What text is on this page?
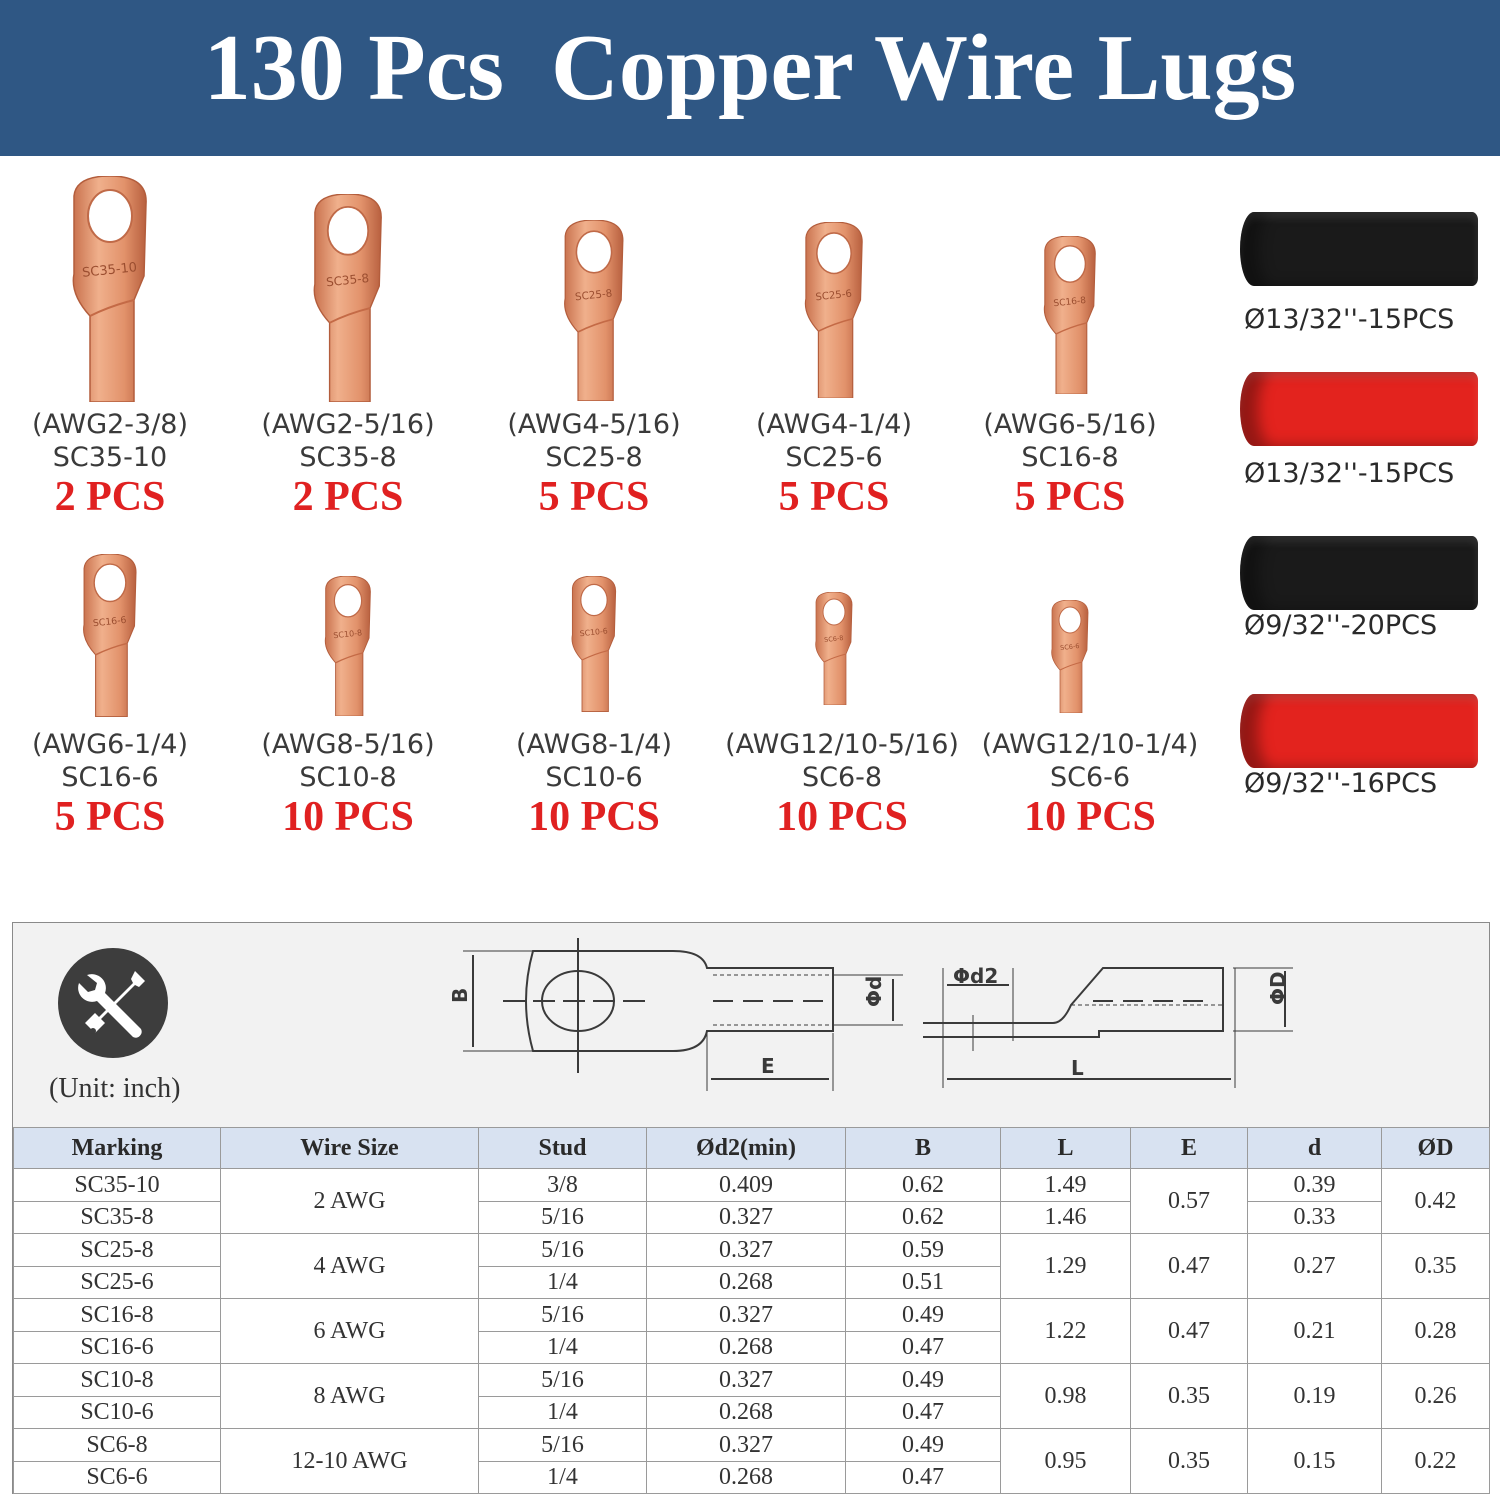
130 Pcs  Copper Wire Lugs
SC35-10
(AWG2-3/8)
SC35-10
2 PCS
SC35-8
(AWG2-5/16)
SC35-8
2 PCS
SC25-8
(AWG4-5/16)
SC25-8
5 PCS
SC25-6
(AWG4-1/4)
SC25-6
5 PCS
SC16-8
(AWG6-5/16)
SC16-8
5 PCS
SC16-6
(AWG6-1/4)
SC16-6
5 PCS
SC10-8
(AWG8-5/16)
SC10-8
10 PCS
SC10-6
(AWG8-1/4)
SC10-6
10 PCS
SC6-8
(AWG12/10-5/16)
SC6-8
10 PCS
SC6-6
(AWG12/10-1/4)
SC6-6
10 PCS
Ø13/32''-15PCS
Ø13/32''-15PCS
Ø9/32''-20PCS
Ø9/32''-16PCS
(Unit: inch)
B	Φd
E
Φd2
L
ΦD
Marking	Wire Size	Stud	Ød2(min)	B	L	E	d	ØD
SC35-10	2 AWG	3/8	0.409	0.62	1.49	0.57	0.39	0.42
SC35-8		5/16	0.327	0.62	1.46		0.33	
SC25-8	4 AWG	5/16	0.327	0.59	1.29	0.47	0.27	0.35
SC25-6		1/4	0.268	0.51				
SC16-8	6 AWG	5/16	0.327	0.49	1.22	0.47	0.21	0.28
SC16-6		1/4	0.268	0.47				
SC10-8	8 AWG	5/16	0.327	0.49	0.98	0.35	0.19	0.26
SC10-6		1/4	0.268	0.47				
SC6-8	12-10 AWG	5/16	0.327	0.49	0.95	0.35	0.15	0.22
SC6-6		1/4	0.268	0.47				
